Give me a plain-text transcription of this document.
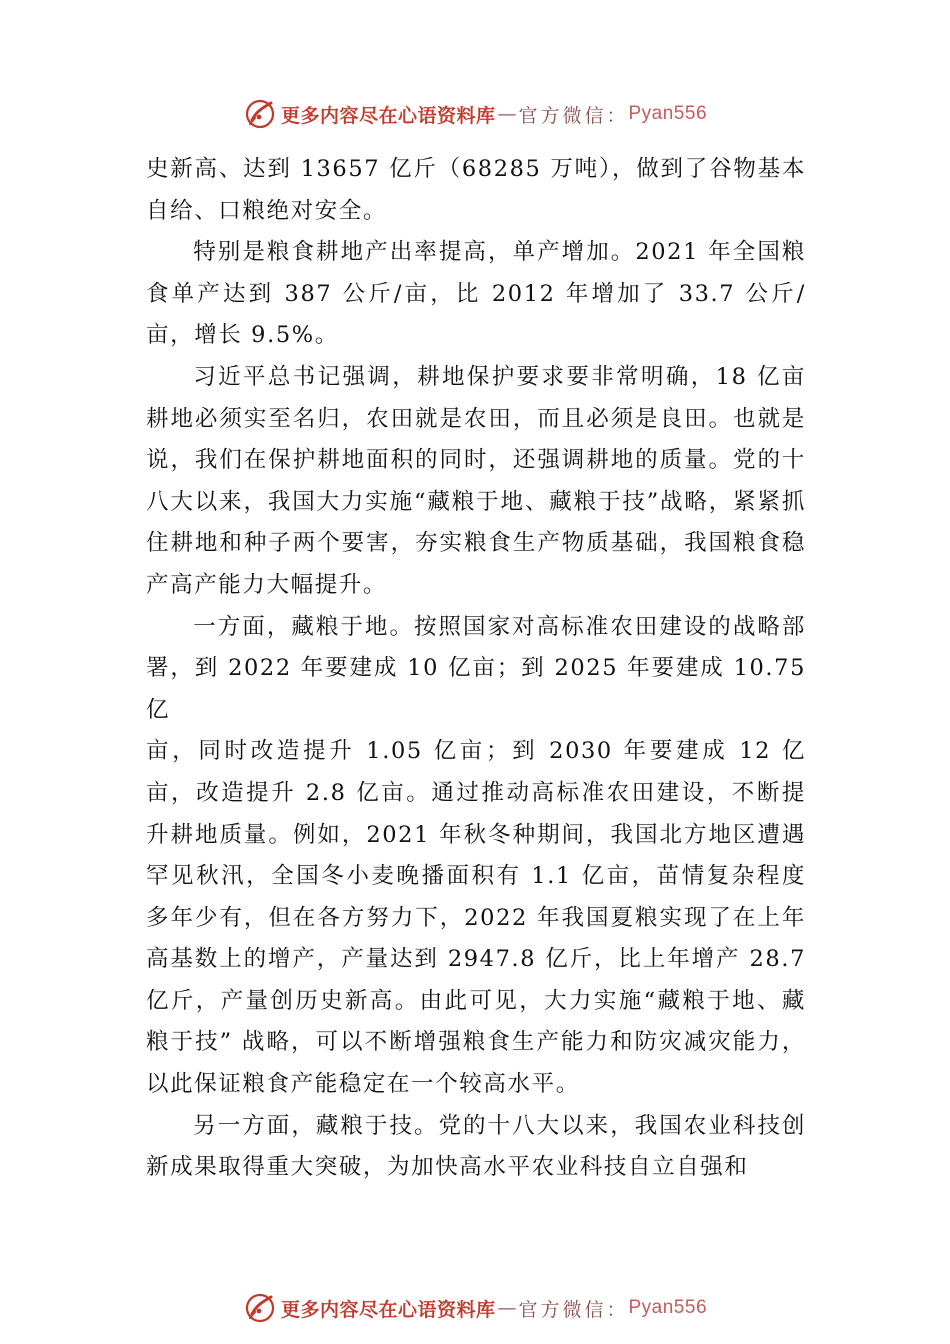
更多内容尽在心语资料库 — 官方微信： Pyan556

史新高、达到 13657 亿斤（68285 万吨），做到了谷物基本自给、口粮绝对安全。

特别是粮食耕地产出率提高，单产增加。2021 年全国粮食单产达到 387 公斤/亩，比 2012 年增加了 33.7 公斤/亩，增长 9.5%。

习近平总书记强调，耕地保护要求要非常明确，18 亿亩耕地必须实至名归，农田就是农田，而且必须是良田。也就是说，我们在保护耕地面积的同时，还强调耕地的质量。党的十八大以来，我国大力实施“藏粮于地、藏粮于技”战略，紧紧抓住耕地和种子两个要害，夯实粮食生产物质基础，我国粮食稳产高产能力大幅提升。

一方面，藏粮于地。按照国家对高标准农田建设的战略部署，到 2022 年要建成 10 亿亩；到 2025 年要建成 10.75 亿

亩，同时改造提升 1.05 亿亩；到 2030 年要建成 12 亿亩，改造提升 2.8 亿亩。通过推动高标准农田建设，不断提升耕地质量。例如，2021 年秋冬种期间，我国北方地区遭遇罕见秋汛，全国冬小麦晚播面积有 1.1 亿亩，苗情复杂程度多年少有，但在各方努力下，2022 年我国夏粮实现了在上年高基数上的增产，产量达到 2947.8 亿斤，比上年增产 28.7 亿斤，产量创历史新高。由此可见，大力实施“藏粮于地、藏粮于技” 战略，可以不断增强粮食生产能力和防灾减灾能力，以此保证粮食产能稳定在一个较高水平。

另一方面，藏粮于技。党的十八大以来，我国农业科技创新成果取得重大突破，为加快高水平农业科技自立自强和

更多内容尽在心语资料库 — 官方微信： Pyan556
